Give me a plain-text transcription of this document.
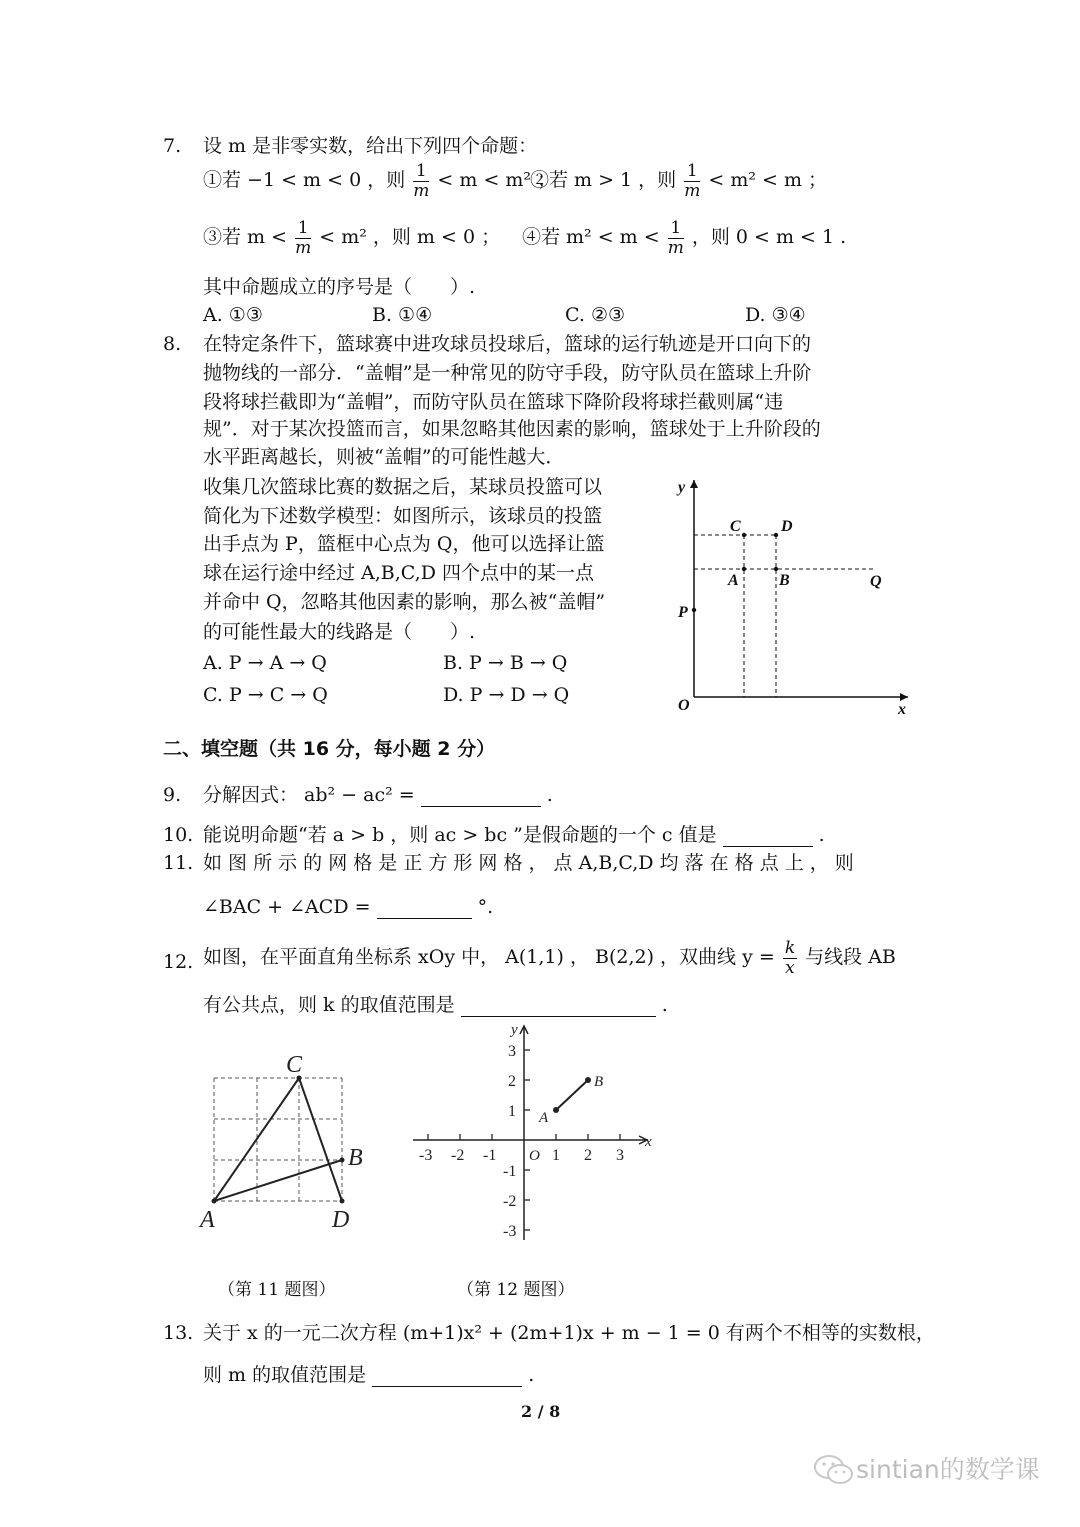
7. 设 m 是非零实数，给出下列四个命题：
①若 −1 < m < 0 ，则 $\frac{1}{m} < m < m^2$ ；
②若 m > 1 ，则 $\frac{1}{m} < m^2 < m$ ；
③若 $m < \frac{1}{m} < m^2$ ，则 m < 0 ； ④若 $m^2 < m < \frac{1}{m}$ ，则 0 < m < 1 .
其中命题成立的序号是（　　）.
A. ①③	B. ①④	C. ②③	D. ③④
8. 在特定条件下，篮球赛中进攻球员投球后，篮球的运行轨迹是开口向下的
抛物线的一部分．“盖帽”是一种常见的防守手段，防守队员在篮球上升阶
段将球拦截即为“盖帽”，而防守队员在篮球下降阶段将球拦截则属“违
规”．对于某次投篮而言，如果忽略其他因素的影响，篮球处于上升阶段的
水平距离越长，则被“盖帽”的可能性越大．
收集几次篮球比赛的数据之后，某球员投篮可以
简化为下述数学模型：如图所示，该球员的投篮
出手点为 P，篮框中心点为 Q，他可以选择让篮
球在运行途中经过 A,B,C,D 四个点中的某一点
并命中 Q，忽略其他因素的影响，那么被“盖帽”
的可能性最大的线路是（　　）.
A. P → A → Q	B. P → B → Q
C. P → C → Q	D. P → D → Q
y
x
O
P
C	D
A	B	Q
二、填空题（共 16 分，每小题 2 分）
9. 分解因式： ab² − ac² =	.
10. 能说明命题“若 a > b ，则 ac > bc ”是假命题的一个 c 值是	.
11. 如 图 所 示 的 网 格 是 正 方 形 网 格 ， 点 A,B,C,D 均 落 在 格 点 上 ， 则
∠BAC + ∠ACD =	°.
12. 如图，在平面直角坐标系 xOy 中， A(1,1) ， B(2,2) ，双曲线 $y = \frac{k}{x}$ 与线段 AB
有公共点，则 k 的取值范围是	.
A
C
B
D
-3 -2 -1	1 2 3
3
2
1
-1
-2
-3
O
y
x
A
B
（第 11 题图）	（第 12 题图）
13. 关于 x 的一元二次方程 (m+1)x² + (2m+1)x + m − 1 = 0 有两个不相等的实数根，
则 m 的取值范围是	.
2 / 8
sintian的数学课
